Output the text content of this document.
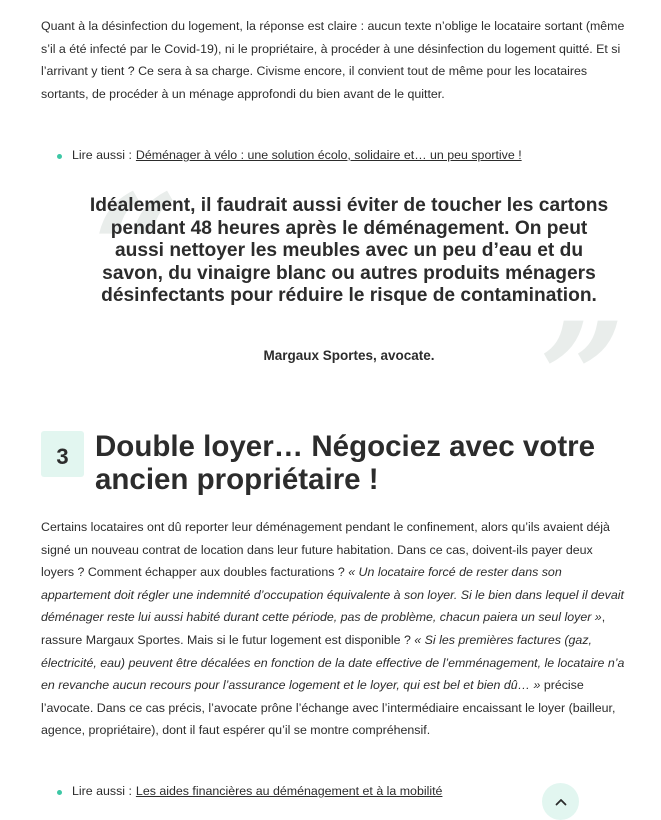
Quant à la désinfection du logement, la réponse est claire : aucun texte n’oblige le locataire sortant (même s’il a été infecté par le Covid-19), ni le propriétaire, à procéder à une désinfection du logement quitté. Et si l’arrivant y tient ? Ce sera à sa charge. Civisme encore, il convient tout de même pour les locataires sortants, de procéder à un ménage approfondi du bien avant de le quitter.

Lire aussi : Déménager à vélo : une solution écolo, solidaire et… un peu sportive !

Certains locataires ont dû reporter leur déménagement pendant le confinement, alors qu’ils avaient déjà signé un nouveau contrat de location dans leur future habitation. Dans ce cas, doivent-ils payer deux loyers ? Comment échapper aux doubles facturations ? « Un locataire forcé de rester dans son appartement doit régler une indemnité d’occupation équivalente à son loyer. Si le bien dans lequel il devait déménager reste lui aussi habité durant cette période, pas de problème, chacun paiera un seul loyer », rassure Margaux Sportes. Mais si le futur logement est disponible ? « Si les premières factures (gaz, électricité, eau) peuvent être décalées en fonction de la date effective de l’emménagement, le locataire n’a en revanche aucun recours pour l’assurance logement et le loyer, qui est bel et bien dû… » précise l’avocate. Dans ce cas précis, l’avocate prône l’échange avec l’intermédiaire encaissant le loyer (bailleur, agence, propriétaire), dont il faut espérer qu’il se montre compréhensif.

Lire aussi : Les aides financières au déménagement et à la mobilité
“
”
Idéalement, il faudrait aussi éviter de toucher les cartons pendant 48 heures après le déménagement. On peut aussi nettoyer les meubles avec un peu d’eau et du savon, du vinaigre blanc ou autres produits ménagers désinfectants pour réduire le risque de contamination.
Margaux Sportes, avocate.
3 Double loyer… Négociez avec votre ancien propriétaire !
